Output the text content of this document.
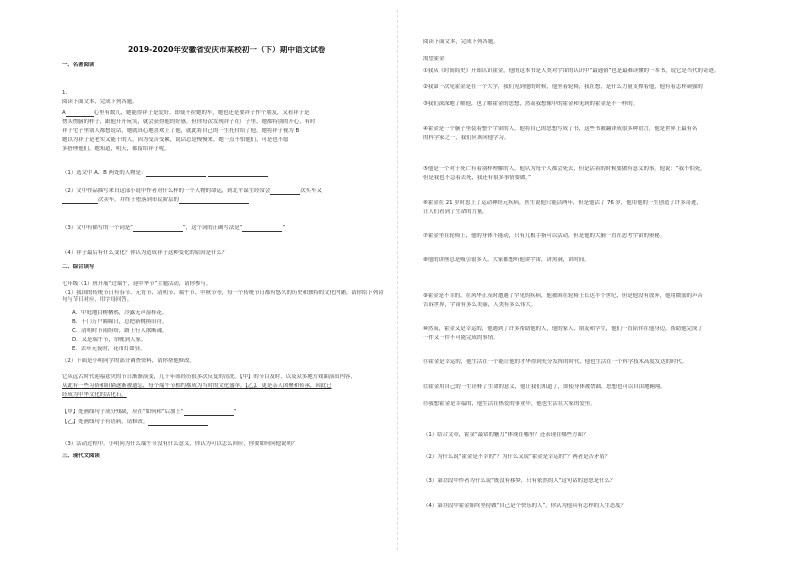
2019-2020年安徽省安庆市某校初一（下）期中语文试卷
一、名著阅读
1.
阅读下面文本，完成下列各题。
A	心里有数儿，她能得祥子是爱好，即使不拉她的车，她也还是要祥子作个朋友，又看祥子是
愣头愣脑的样子，跟他开开玩笑，就会获得他的好感。但你每次发现祥子在厂子里，她都特别的开心，有时
祥子宅子里别人都想说话，她就真心地喜欢上了他，就此将自己的一生托付给了他。她将祥子视为 B
她以为祥子是老实又能干的人，因为受苦受累，说话总是慢慢来，她一点不怕他们，可是也不愿
多搭理他们，她知道，明天，都留给祥子呢。
（1）选文中 A、B 两处的人物是：
（2）文中作品描写来自这部小说中作者对什么样的一个人物的命运，到北平谋生经常会	次买车又
次卖车，并终于堕落到市民阶层的
（3）文中有描写的一个词是“	”，这个词的正确写法是“	”
（4）祥子最后有什么变化？你认为造成祥子这种变化的原因是什么？
二、综合读写
七年级（1）班开展“过端午，迎中华节”主题活动，请你参与。
（1）我国的传统节日有春节、元宵节、清明节、端午节、中秋节等，每一个传统节日都有悠久的历史和独特的文化内涵。请你给下列诗句与节日对应，用字母回答。
A．中庭地白树栖鸦，冷露无声湿桂花。
B．千门万户瞳瞳日，总把新桃换旧符。
C．清明时节雨纷纷，路上行人欲断魂。
D．又是端午节，帘帐到人家。
E．去年元夜时，花市灯如昼。
（2）下面是小明同学的部分调查资料，请你帮他修改。
它从远古时代迎福祛灾的节日渐渐演变，几千年间经历很多次反复的清洗。【甲】的节目及时，以及众多地方戏曲演出内容，
从此有一些习俗和阻隔逐渐被遗忘，每个端午节相约都成为当时的文化盛举。【乙】，更是亲人团聚和传承，因此已
经成为中华文化的活化石。
【甲】处画线句子成分残缺，应在“如何和”后加上“	”
【乙】处画线句子有语病，请修改。
（3）活动过程中，小明问为什么端午节没有什么意义，你认为可以怎么回应，你要如何向他说明？
三、现代文阅读
阅读下面文本，完成下列各题。
渴望霍金
①我从《时间简史》开始认识霍金。他的这本书是人类对宇宙的认识中“最通俗”也是最难读懂的一本书，说它是当代的奇迹。
②我第一次见霍金是在一个大学，我们见到他的时候，他坐着轮椅，我在想，是什么力量支撑着他，他有着怎样顽强的
③我们深深地了解他，也了解霍金的思想，然而我想像中的霍金和见到的霍金是不一样的。
④霍金是一个脑子里装着整个宇宙的人，他将自己的思想写成了书，这些书被翻译成很多种语言，他是世界上最有名
的科学家之一，我们应该向他学习。
⑤他是一个对于死亡有着别样理解的人，他认为每个人都会死去，但是活着的时候要做有意义的事。他说：“我不怕死，
但是我也不急着去死，我还有很多事情要做。”
⑥霍金在 21 岁时患上了运动神经元疾病，医生说他只能活两年，但是他活了 76 岁，他用他的一生创造了许多奇迹，
让人们看到了生命的力量。
⑦霍金坐在轮椅上，他的身体不能动，只有几根手指可以活动，但是他的大脑一直在思考宇宙的奥秘。
⑧他的讲座总是吸引很多人，大家都想听他讲宇宙，讲黑洞，讲时间。
⑨霍金是不幸的，在风华正茂时遭遇了罕见的疾病，他被困在轮椅上长达半个世纪，但是他没有放弃，他用微弱的声音
告诉世界，宇宙有多么美丽，人类有多么伟大。
⑩然而，霍金又是幸运的，他遇到了许多帮助他的人，他的家人、朋友和学生，他们一直陪伴在他身边，帮助他完成了
一件又一件不可能完成的事情。
⑪霍金是幸运的，他生活在一个能让他的才华得到充分发挥的时代，他也生活在一个科学技术高度发达的时代。
⑫霍金用自己的一生诠释了生命的意义，他让我们知道了，即使身体被禁锢，思想也可以自由地翱翔。
⑬我想霍金是幸福的，他生活在热爱的事业中，他也生活在大家的爱里。
（1）结合文章，霍金“最常的魅力”体现在哪里？还表现在哪些方面？
（2）为什么说“霍金是不幸的”？为什么又说“霍金是幸运的”？两者是否矛盾？
（3）第⑫段中作者为什么说“既没有移梦，只有依然的人”这句话的意思是什么？
（4）第⑬段中霍金始终坚持做“自己是个快乐的人”，你认为他具有怎样的人生态度？
